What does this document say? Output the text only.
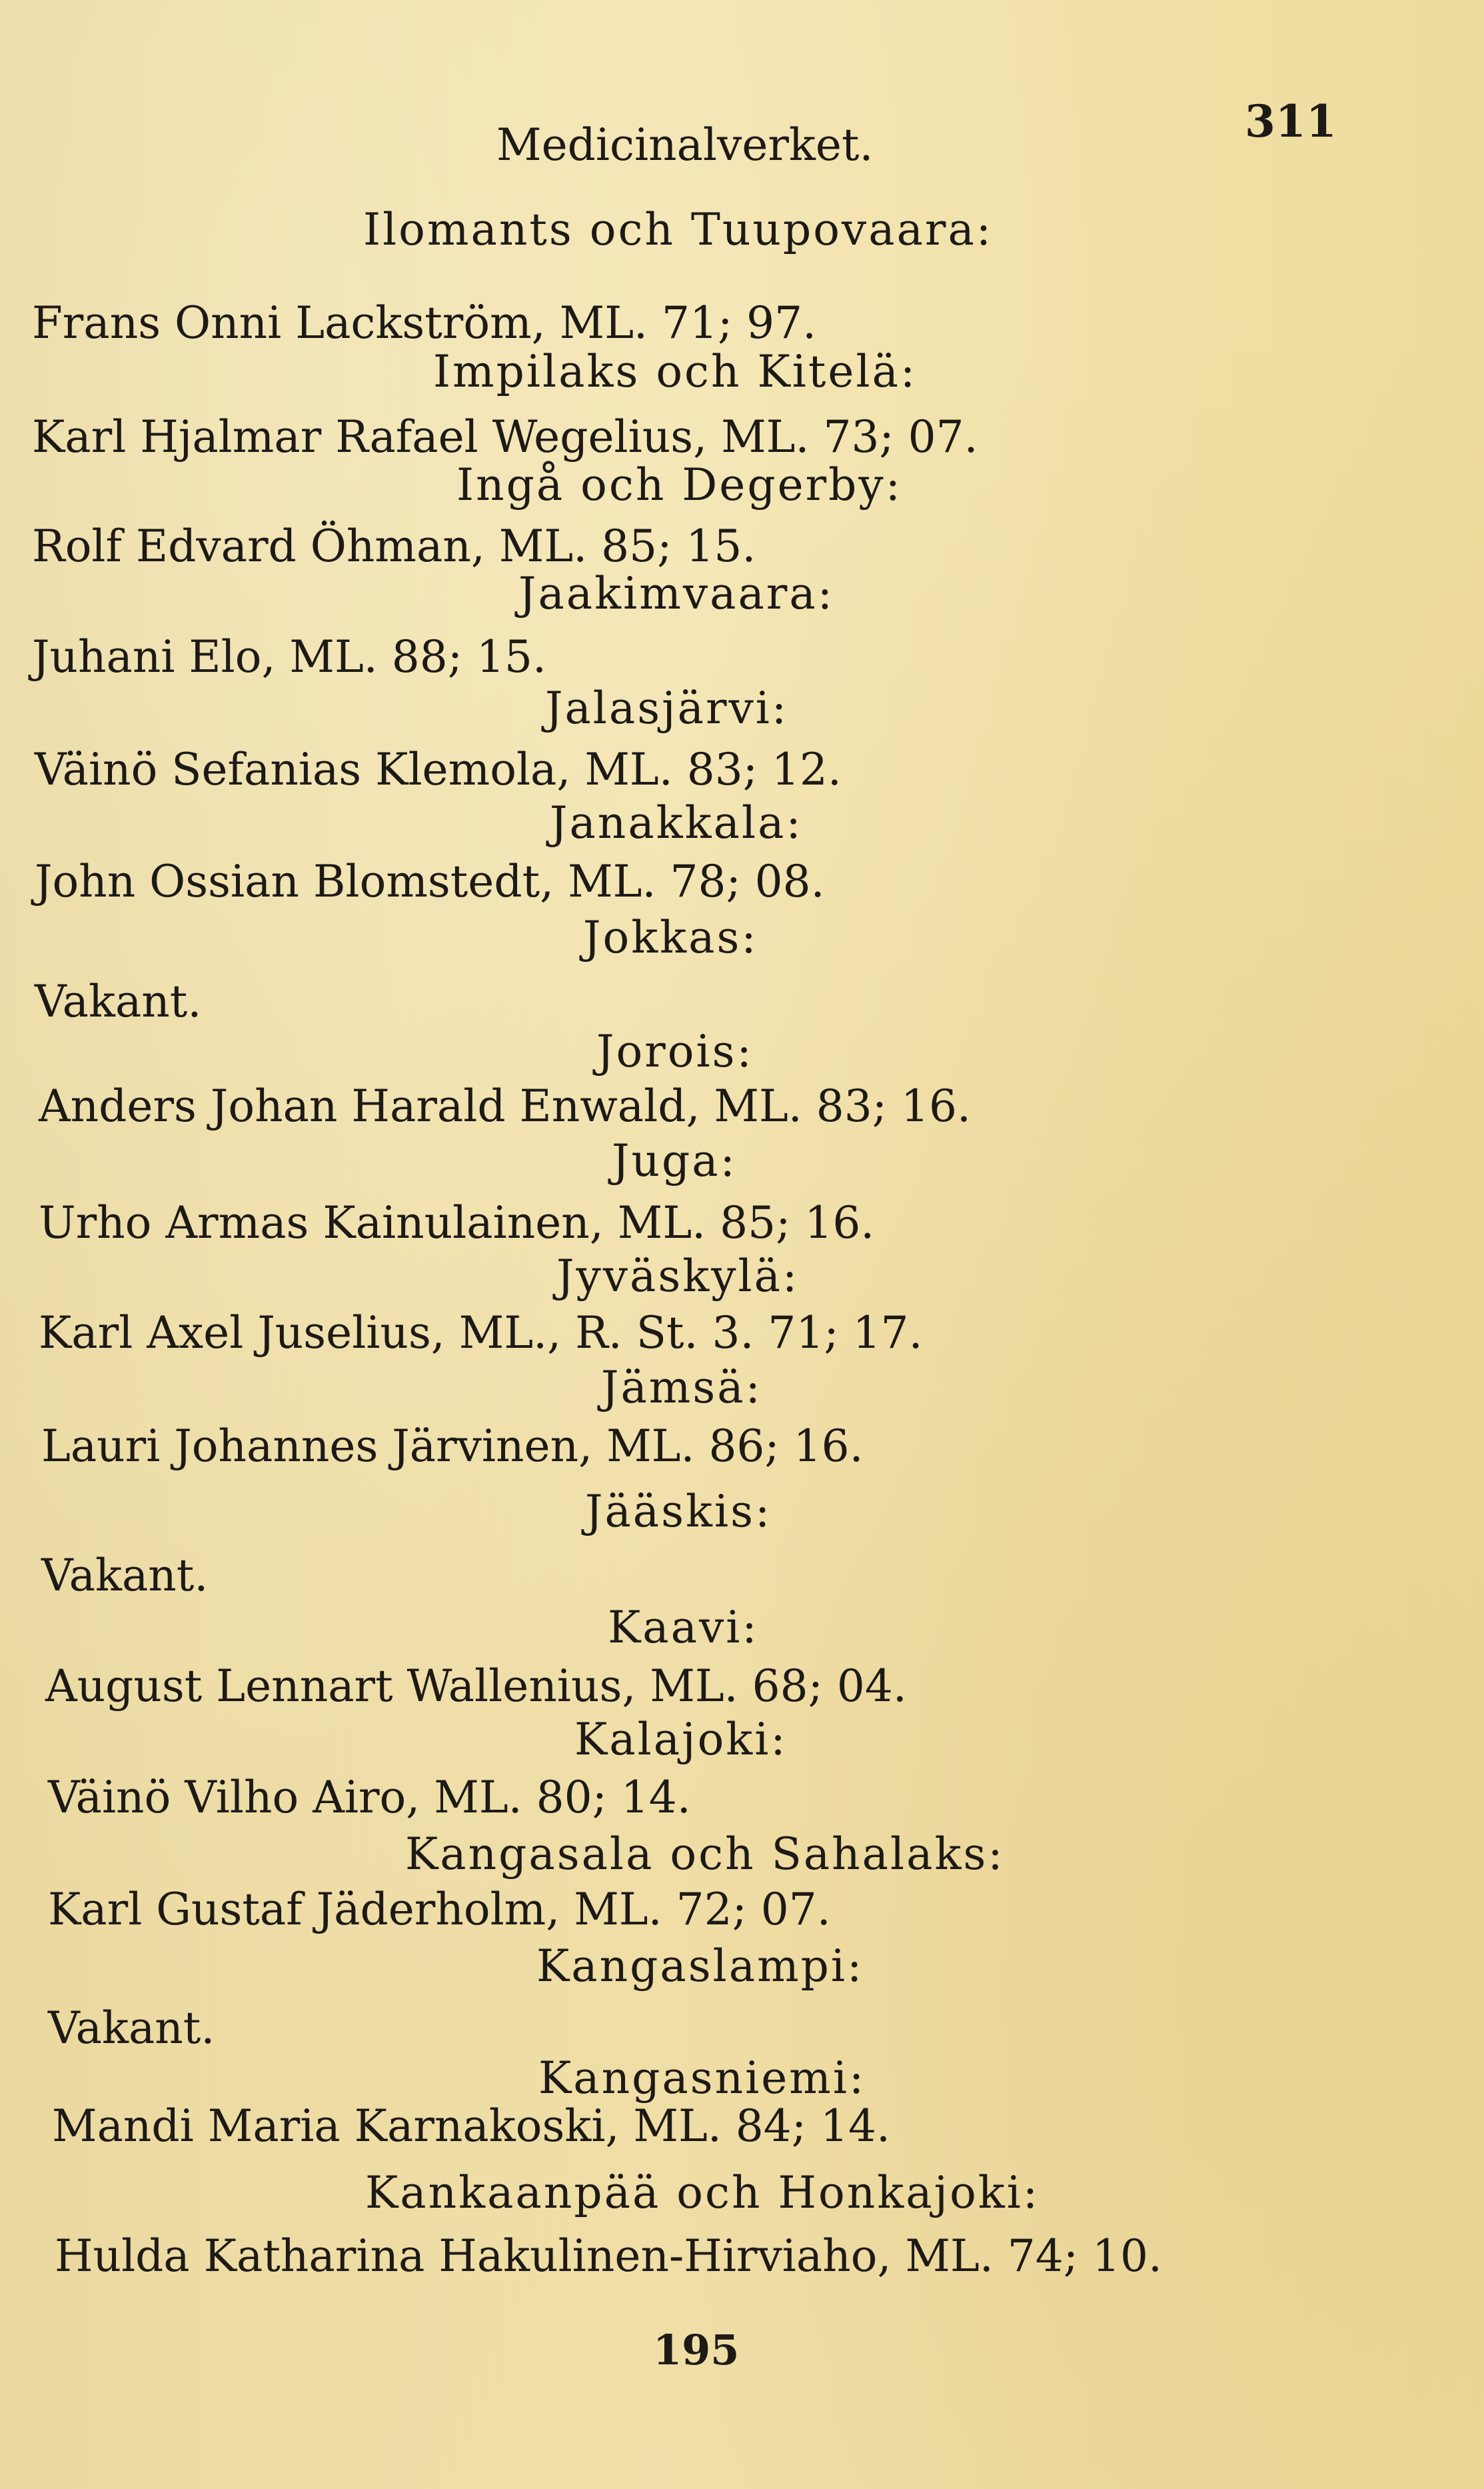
Medicinalverket.	311
Ilomants och Tuupovaara:
Frans Onni Lackström, ML. 71; 97.
Impilaks och Kitelä:
Karl Hjalmar Rafael Wegelius, ML. 73; 07.
Ingå och Degerby:
Rolf Edvard Öhman, ML. 85; 15.
Jaakimvaara:
Juhani Elo, ML. 88; 15.
Jalasjärvi:
Väinö Sefanias Klemola, ML. 83; 12.
Janakkala:
John Ossian Blomstedt, ML. 78; 08.
Jokkas:
Vakant.
Jorois:
Anders Johan Harald Enwald, ML. 83; 16.
Juga:
Urho Armas Kainulainen, ML. 85; 16.
Jyväskylä:
Karl Axel Juselius, ML., R. St. 3. 71; 17.
Jämsä:
Lauri Johannes Järvinen, ML. 86; 16.
Jääskis:
Vakant.
Kaavi:
August Lennart Wallenius, ML. 68; 04.
Kalajoki:
Väinö Vilho Airo, ML. 80; 14.
Kangasala och Sahalaks:
Karl Gustaf Jäderholm, ML. 72; 07.
Kangaslampi:
Vakant.
Kangasniemi:
Mandi Maria Karnakoski, ML. 84; 14.
Kankaanpää och Honkajoki:
Hulda Katharina Hakulinen-Hirviaho, ML. 74; 10.
195
